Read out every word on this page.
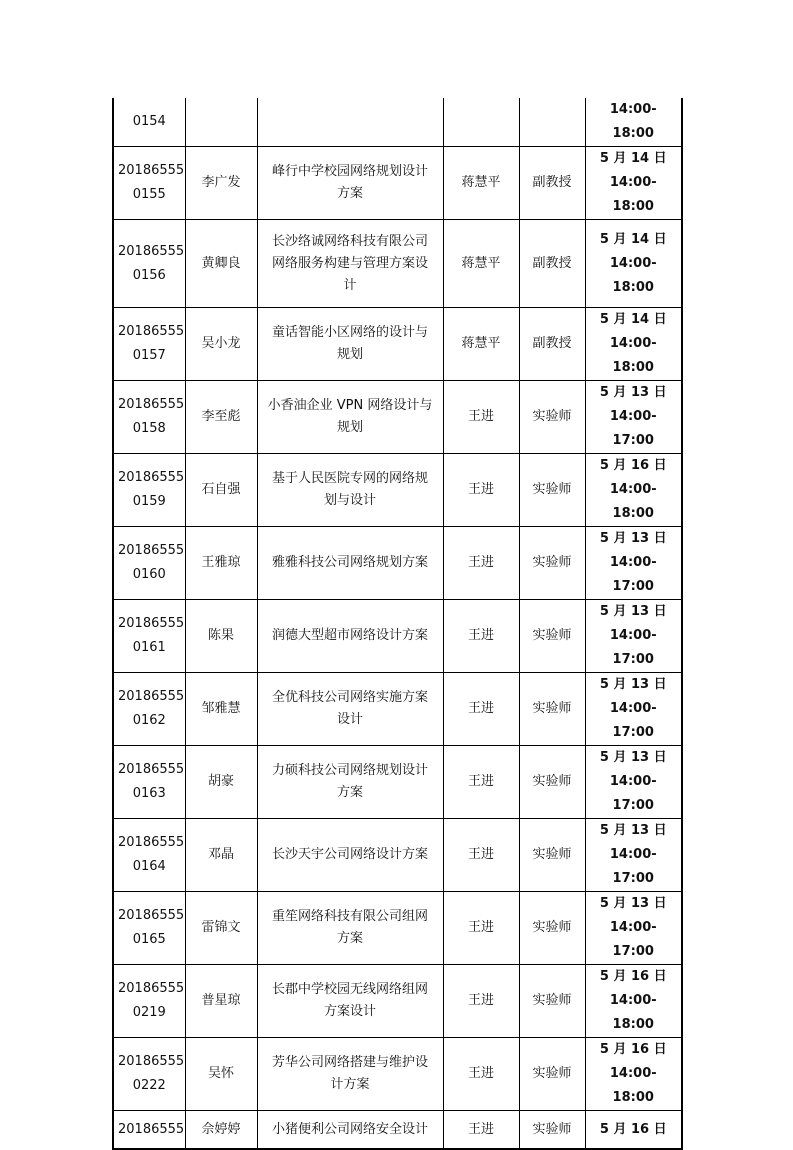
0154					14:00-18:00

20186555
0155	李广发	峰行中学校园网络规划设计
方案	蒋慧平	副教授	5 月 14 日
14:00-18:00

20186555
0156	黄卿良	长沙络诚网络科技有限公司
网络服务构建与管理方案设
计	蒋慧平	副教授	5 月 14 日
14:00-18:00

20186555
0157	吴小龙	童话智能小区网络的设计与
规划	蒋慧平	副教授	5 月 14 日
14:00-18:00

20186555
0158	李至彪	小香油企业 VPN 网络设计与
规划	王进	实验师	5 月 13 日
14:00-17:00

20186555
0159	石自强	基于人民医院专网的网络规
划与设计	王进	实验师	5 月 16 日
14:00-18:00

20186555
0160	王雅琼	雅雅科技公司网络规划方案	王进	实验师	5 月 13 日
14:00-17:00

20186555
0161	陈果	润德大型超市网络设计方案	王进	实验师	5 月 13 日
14:00-17:00

20186555
0162	邹雅慧	全优科技公司网络实施方案
设计	王进	实验师	5 月 13 日
14:00-17:00

20186555
0163	胡豪	力硕科技公司网络规划设计
方案	王进	实验师	5 月 13 日
14:00-17:00

20186555
0164	邓晶	长沙天宇公司网络设计方案	王进	实验师	5 月 13 日
14:00-17:00

20186555
0165	雷锦文	重笙网络科技有限公司组网
方案	王进	实验师	5 月 13 日
14:00-17:00

20186555
0219	普星琼	长郡中学校园无线网络组网
方案设计	王进	实验师	5 月 16 日
14:00-18:00

20186555
0222	吴怀	芳华公司网络搭建与维护设
计方案	王进	实验师	5 月 16 日
14:00-18:00

20186555	佘婷婷	小猪便利公司网络安全设计	王进	实验师	5 月 16 日
